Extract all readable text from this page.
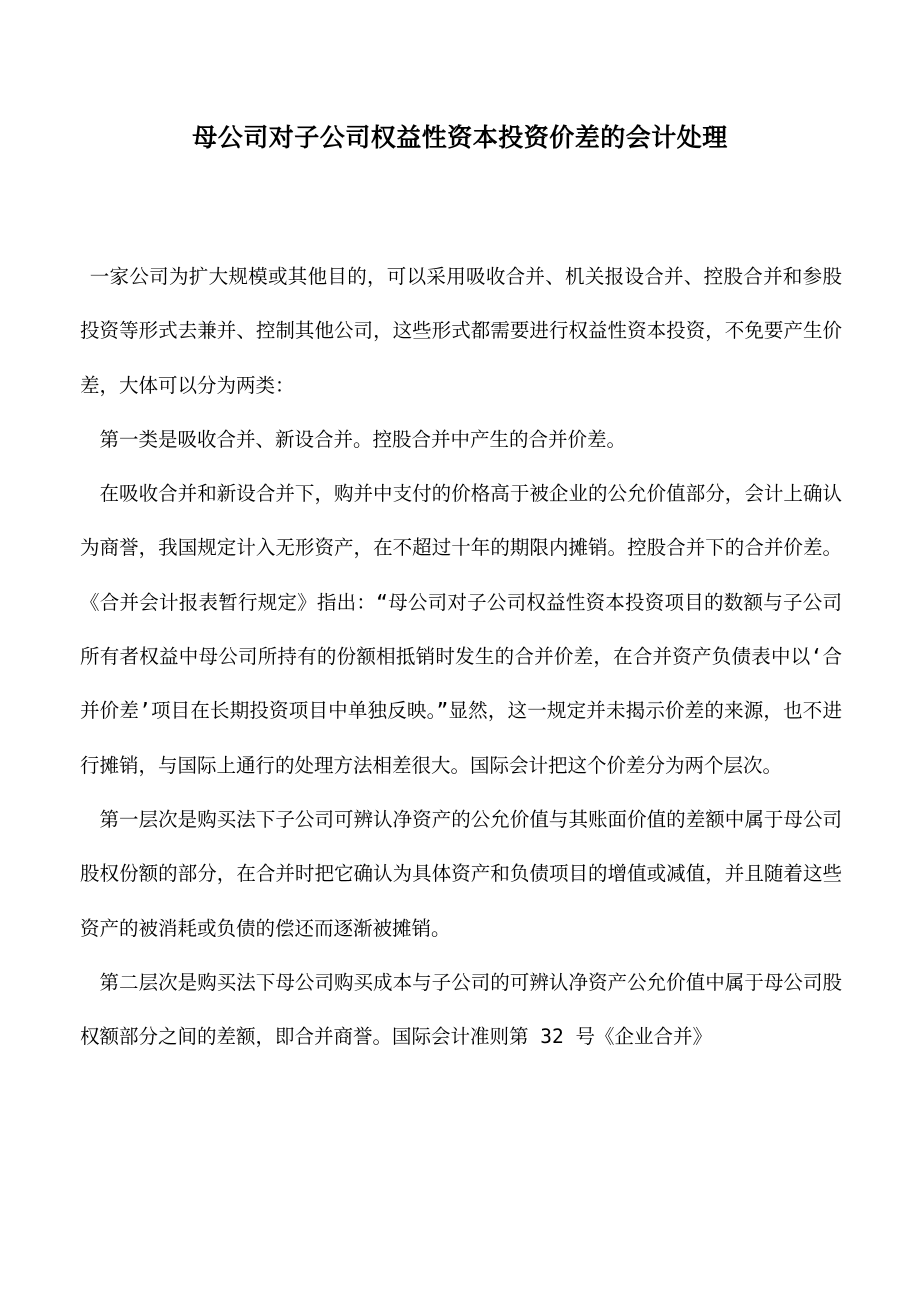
母公司对子公司权益性资本投资价差的会计处理

一家公司为扩大规模或其他目的，可以采用吸收合并、机关报设合并、控股合并和参股投资等形式去兼并、控制其他公司，这些形式都需要进行权益性资本投资，不免要产生价差，大体可以分为两类：

第一类是吸收合并、新设合并。控股合并中产生的合并价差。

在吸收合并和新设合并下，购并中支付的价格高于被企业的公允价值部分，会计上确认为商誉，我国规定计入无形资产，在不超过十年的期限内摊销。控股合并下的合并价差。《合并会计报表暂行规定》指出：“母公司对子公司权益性资本投资项目的数额与子公司所有者权益中母公司所持有的份额相抵销时发生的合并价差，在合并资产负债表中以‘合并价差’项目在长期投资项目中单独反映。”显然，这一规定并未揭示价差的来源，也不进行摊销，与国际上通行的处理方法相差很大。国际会计把这个价差分为两个层次。

第一层次是购买法下子公司可辨认净资产的公允价值与其账面价值的差额中属于母公司股权份额的部分，在合并时把它确认为具体资产和负债项目的增值或减值，并且随着这些资产的被消耗或负债的偿还而逐渐被摊销。

第二层次是购买法下母公司购买成本与子公司的可辨认净资产公允价值中属于母公司股权额部分之间的差额，即合并商誉。国际会计准则第 32 号《企业合并》
